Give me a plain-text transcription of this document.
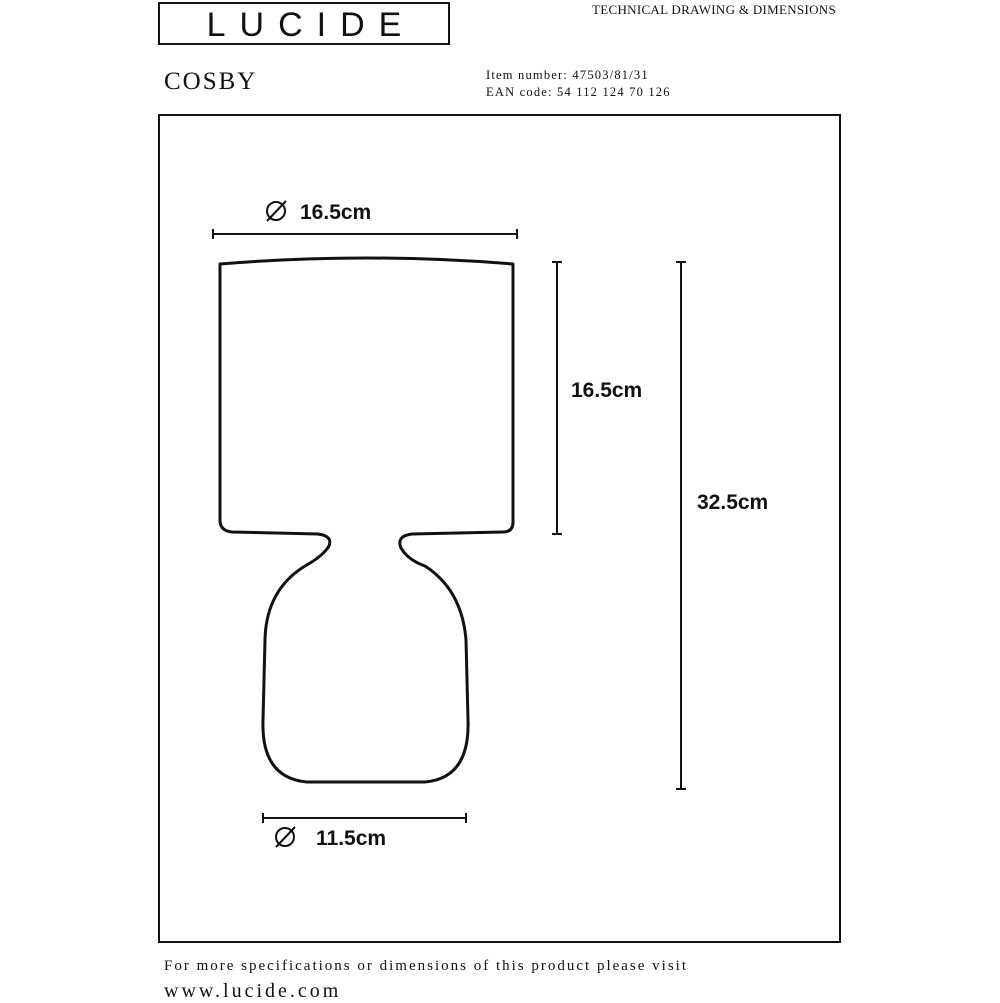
LUCIDE	TECHNICAL DRAWING & DIMENSIONS
COSBY	Item number: 47503/81/31
EAN code: 54 112 124 70 126
16.5cm
16.5cm
32.5cm
11.5cm
For more specifications or dimensions of this product please visit
www.lucide.com
